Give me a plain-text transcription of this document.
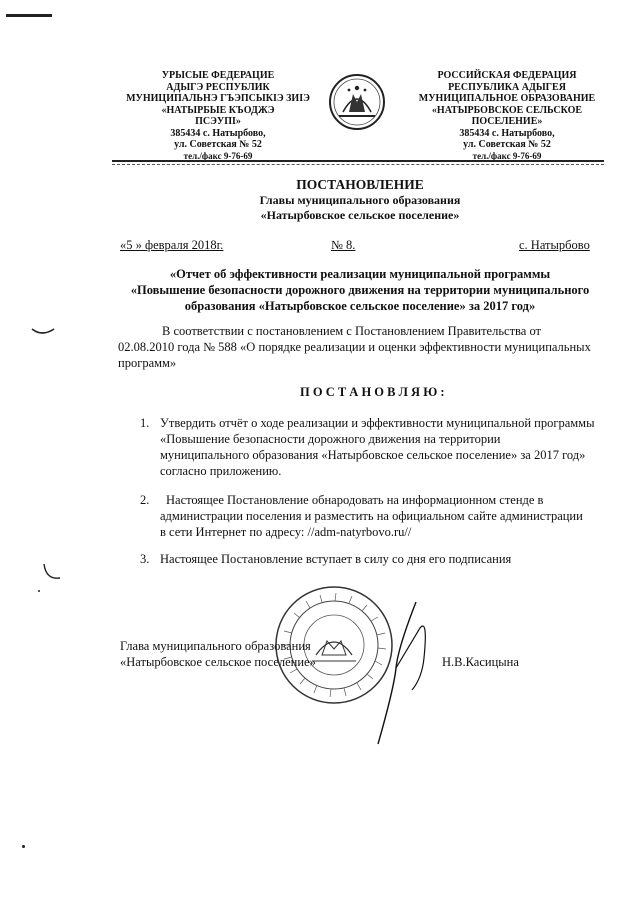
УРЫСЫЕ ФЕДЕРАЦИЕ
АДЫГЭ РЕСПУБЛИК
МУНИЦИПАЛЬНЭ ГЪЭПСЫКIЭ ЗИIЭ
«НАТЫРБЫЕ КЪОДЖЭ
ПСЭУПI»
385434 с. Натырбово,
ул. Советская № 52
тел./факс 9-76-69
РОССИЙСКАЯ ФЕДЕРАЦИЯ
РЕСПУБЛИКА АДЫГЕЯ
МУНИЦИПАЛЬНОЕ ОБРАЗОВАНИЕ
«НАТЫРБОВСКОЕ СЕЛЬСКОЕ
ПОСЕЛЕНИЕ»
385434 с. Натырбово,
ул. Советская № 52
тел./факс 9-76-69
ПОСТАНОВЛЕНИЕ
Главы муниципального образования
«Натырбовское сельское поселение»
«5 » февраля 2018г.	№ 8.	с. Натырбово
«Отчет об эффективности реализации муниципальной программы
«Повышение безопасности дорожного движения на территории муниципального
образования «Натырбовское сельское поселение» за 2017 год»
В соответствии с постановлением с Постановлением Правительства от
02.08.2010 года № 588 «О порядке реализации и оценки эффективности муниципальных
программ»
П О С Т А Н О В Л Я Ю :
1. Утвердить отчёт о ходе реализации и эффективности муниципальной программы
«Повышение безопасности дорожного движения на территории
муниципального образования «Натырбовское сельское поселение» за 2017 год»
согласно приложению.
2.	Настоящее Постановление обнародовать на информационном стенде в
администрации поселения и разместить на официальном сайте администрации
в сети Интернет по адресу: //adm-natyrbovo.ru//
3. Настоящее Постановление вступает в силу со дня его подписания
Глава муниципального образования
«Натырбовское сельское поселение»	Н.В.Касицына
